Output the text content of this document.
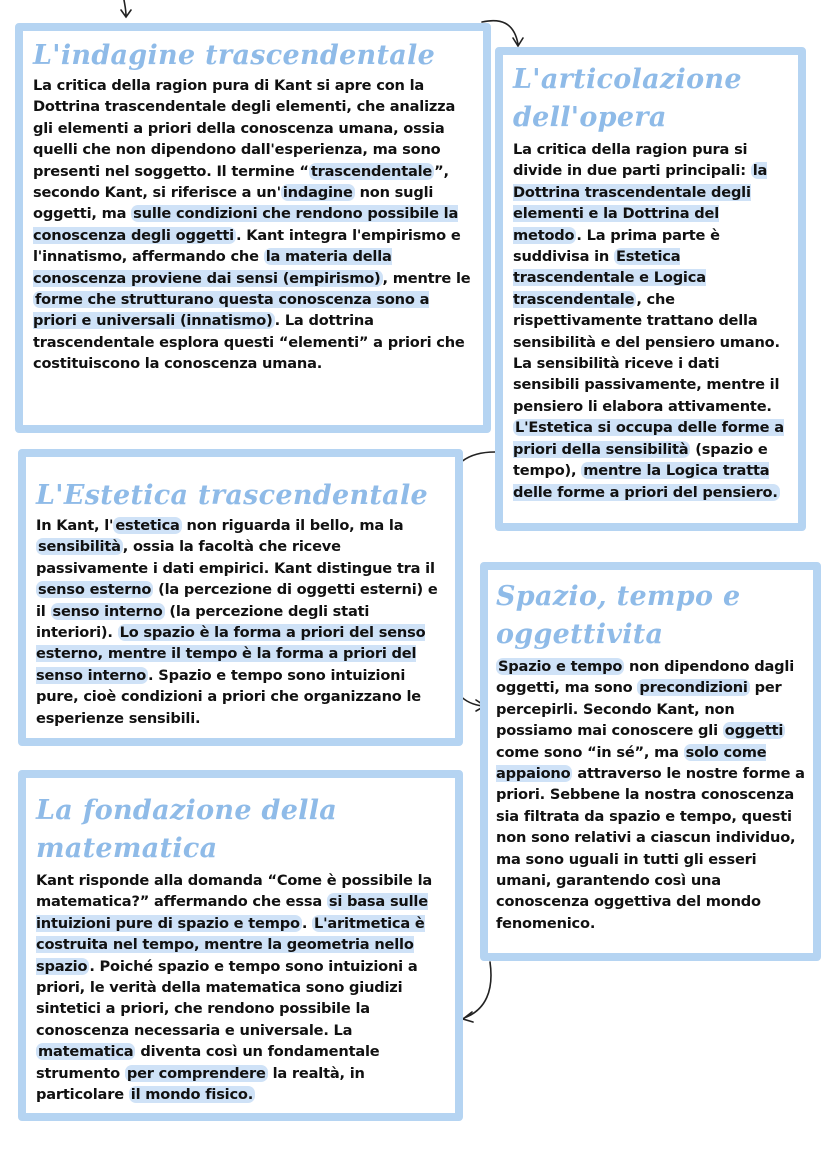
L'indagine trascendentale

La critica della ragion pura di Kant si apre con la Dottrina trascendentale degli elementi, che analizza gli elementi a priori della conoscenza umana, ossia quelli che non dipendono dall'esperienza, ma sono presenti nel soggetto. Il termine “ trascendentale ”, secondo Kant, si riferisce a un' indagine non sugli oggetti, ma sulle condizioni che rendono possibile la conoscenza degli oggetti . Kant integra l'empirismo e l'innatismo, affermando che la materia della conoscenza proviene dai sensi (empirismo) , mentre le forme che strutturano questa conoscenza sono a priori e universali (innatismo) . La dottrina trascendentale esplora questi “elementi” a priori che costituiscono la conoscenza umana.

L'articolazione dell'opera

La critica della ragion pura si divide in due parti principali: la Dottrina trascendentale degli elementi e la Dottrina del metodo . La prima parte è suddivisa in Estetica trascendentale e Logica trascendentale , che rispettivamente trattano della sensibilità e del pensiero umano. La sensibilità riceve i dati sensibili passivamente, mentre il pensiero li elabora attivamente. L'Estetica si occupa delle forme a priori della sensibilità (spazio e tempo), mentre la Logica tratta delle forme a priori del pensiero.

L'Estetica trascendentale

In Kant, l' estetica non riguarda il bello, ma la sensibilità , ossia la facoltà che riceve passivamente i dati empirici. Kant distingue tra il senso esterno (la percezione di oggetti esterni) e il senso interno (la percezione degli stati interiori). Lo spazio è la forma a priori del senso esterno, mentre il tempo è la forma a priori del senso interno . Spazio e tempo sono intuizioni pure, cioè condizioni a priori che organizzano le esperienze sensibili.

Spazio, tempo e oggettivita

Spazio e tempo non dipendono dagli oggetti, ma sono precondizioni per percepirli. Secondo Kant, non possiamo mai conoscere gli oggetti come sono “in sé”, ma solo come appaiono attraverso le nostre forme a priori. Sebbene la nostra conoscenza sia filtrata da spazio e tempo, questi non sono relativi a ciascun individuo, ma sono uguali in tutti gli esseri umani, garantendo così una conoscenza oggettiva del mondo fenomenico.

La fondazione della matematica

Kant risponde alla domanda “Come è possibile la matematica?” affermando che essa si basa sulle intuizioni pure di spazio e tempo . L'aritmetica è costruita nel tempo, mentre la geometria nello spazio . Poiché spazio e tempo sono intuizioni a priori, le verità della matematica sono giudizi sintetici a priori, che rendono possibile la conoscenza necessaria e universale. La matematica diventa così un fondamentale strumento per comprendere la realtà, in particolare il mondo fisico.
